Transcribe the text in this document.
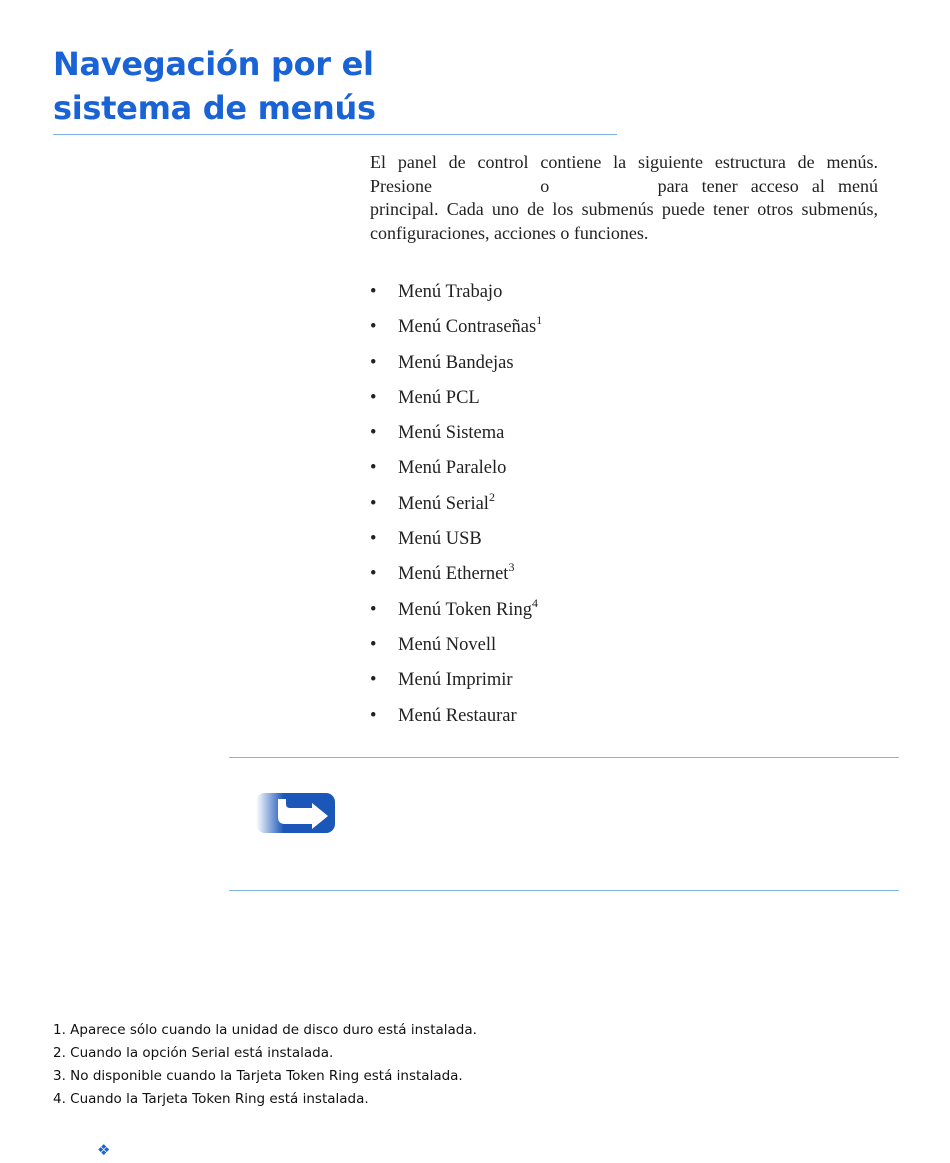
Navegación por el
sistema de menús

El panel de control contiene la siguiente estructura de menús. Presione	o	para tener acceso al menú principal. Cada uno de los submenús puede tener otros submenús, configuraciones, acciones o funciones.

• Menú Trabajo
• Menú Contraseñas$^1$
• Menú Bandejas
• Menú PCL
• Menú Sistema
• Menú Paralelo
• Menú Serial$^2$
• Menú USB
• Menú Ethernet$^3$
• Menú Token Ring$^4$
• Menú Novell
• Menú Imprimir
• Menú Restaurar
1. Aparece sólo cuando la unidad de disco duro está instalada.
2. Cuando la opción Serial está instalada.
3. No disponible cuando la Tarjeta Token Ring está instalada.
4. Cuando la Tarjeta Token Ring está instalada.
❖
